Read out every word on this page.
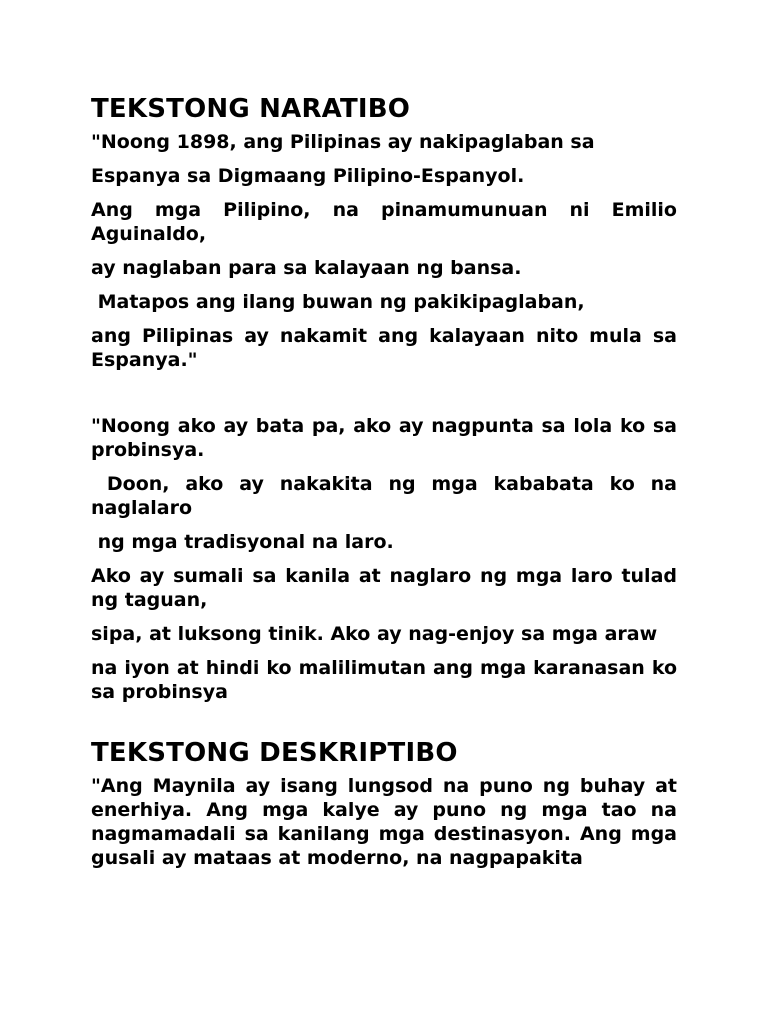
TEKSTONG NARATIBO

"Noong 1898, ang Pilipinas ay nakipaglaban sa

Espanya sa Digmaang Pilipino-Espanyol.

Ang mga Pilipino, na pinamumunuan ni Emilio Aguinaldo,

ay naglaban para sa kalayaan ng bansa.

Matapos ang ilang buwan ng pakikipaglaban,

ang Pilipinas ay nakamit ang kalayaan nito mula sa Espanya."

"Noong ako ay bata pa, ako ay nagpunta sa lola ko sa probinsya.

Doon, ako ay nakakita ng mga kababata ko na naglalaro

ng mga tradisyonal na laro.

Ako ay sumali sa kanila at naglaro ng mga laro tulad ng taguan,

sipa, at luksong tinik. Ako ay nag-enjoy sa mga araw

na iyon at hindi ko malilimutan ang mga karanasan ko sa probinsya

TEKSTONG DESKRIPTIBO

"Ang Maynila ay isang lungsod na puno ng buhay at enerhiya. Ang mga kalye ay puno ng mga tao na nagmamadali sa kanilang mga destinasyon. Ang mga gusali ay mataas at moderno, na nagpapakita
